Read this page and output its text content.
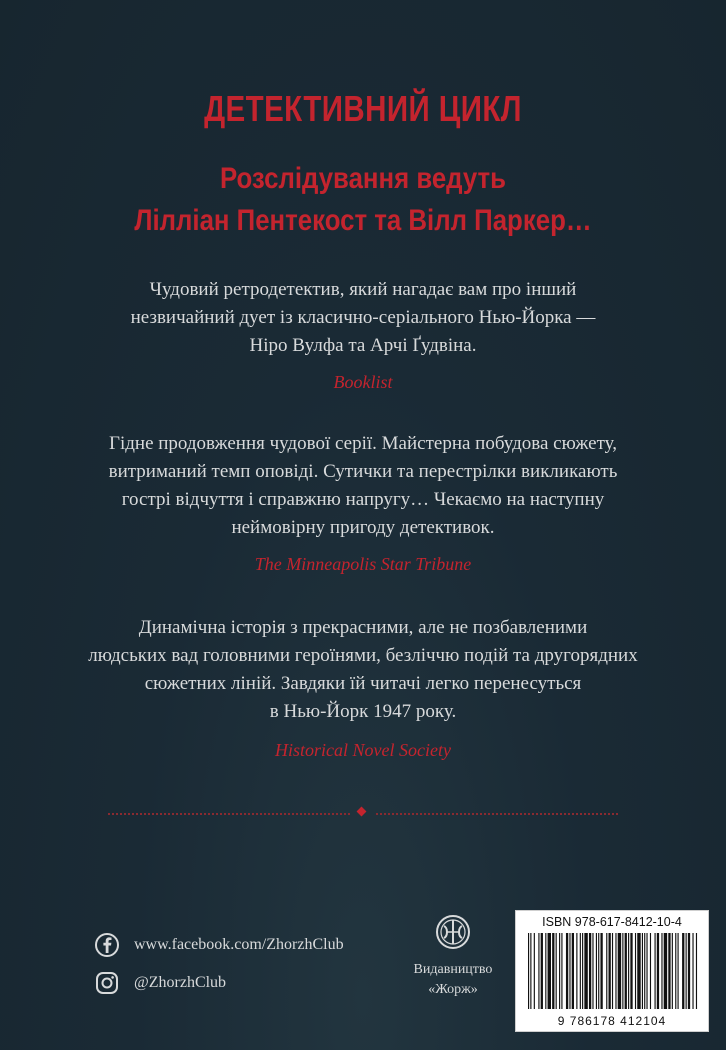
ДЕТЕКТИВНИЙ ЦИКЛ
Розслідування ведуть
Лілліан Пентекост та Вілл Паркер…
Чудовий ретродетектив, який нагадає вам про інший
незвичайний дует із класично-серіального Нью-Йорка —
Ніро Вулфа та Арчі Ґудвіна.
Booklist
Гідне продовження чудової серії. Майстерна побудова сюжету,
витриманий темп оповіді. Сутички та перестрілки викликають
гострі відчуття і справжню напругу… Чекаємо на наступну
неймовірну пригоду детективок.
The Minneapolis Star Tribune
Динамічна історія з прекрасними, але не позбавленими
людських вад головними героїнями, безліччю подій та другорядних
сюжетних ліній. Завдяки їй читачі легко перенесуться
в Нью-Йорк 1947 року.
Historical Novel Society
www.facebook.com/ZhorzhClub
@ZhorzhClub
Видавництво
«Жорж»
ISBN 978-617-8412-10-4
9 786178 412104
